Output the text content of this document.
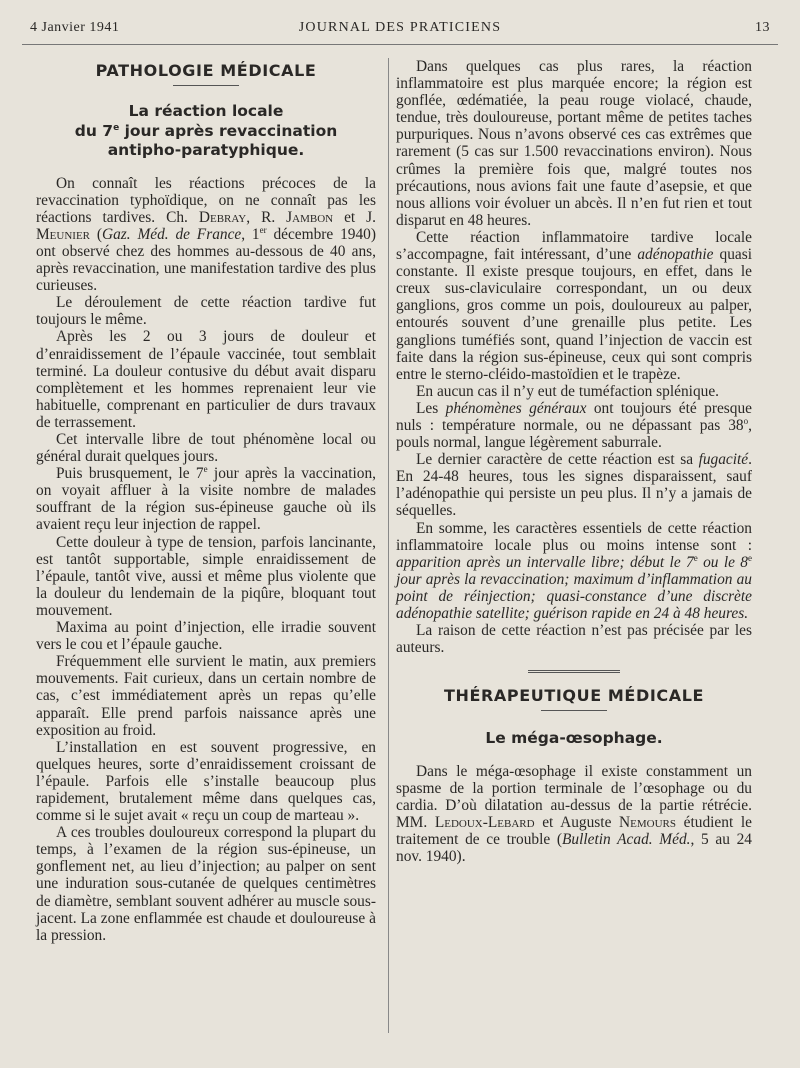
4 Janvier 1941	JOURNAL DES PRATICIENS	13
PATHOLOGIE MÉDICALE
La réaction locale
du 7e jour après revaccination
antipho-paratyphique.

On connaît les réactions précoces de la revaccination typhoïdique, on ne connaît pas les réactions tardives. Ch. Debray, R. Jambon et J. Meunier (Gaz. Méd. de France, 1er décembre 1940) ont observé chez des hommes au-dessous de 40 ans, après revaccination, une manifestation tardive des plus curieuses.

Le déroulement de cette réaction tardive fut toujours le même.

Après les 2 ou 3 jours de douleur et d’enraidissement de l’épaule vaccinée, tout semblait terminé. La douleur contusive du début avait disparu complètement et les hommes reprenaient leur vie habituelle, comprenant en particulier de durs travaux de terrassement.

Cet intervalle libre de tout phénomène local ou général durait quelques jours.

Puis brusquement, le 7e jour après la vaccination, on voyait affluer à la visite nombre de malades souffrant de la région sus-épineuse gauche où ils avaient reçu leur injection de rappel.

Cette douleur à type de tension, parfois lancinante, est tantôt supportable, simple enraidissement de l’épaule, tantôt vive, aussi et même plus violente que la douleur du lendemain de la piqûre, bloquant tout mouvement.

Maxima au point d’injection, elle irradie souvent vers le cou et l’épaule gauche.

Fréquemment elle survient le matin, aux premiers mouvements. Fait curieux, dans un certain nombre de cas, c’est immédiatement après un repas qu’elle apparaît. Elle prend parfois naissance après une exposition au froid.

L’installation en est souvent progressive, en quelques heures, sorte d’enraidissement croissant de l’épaule. Parfois elle s’installe beaucoup plus rapidement, brutalement même dans quelques cas, comme si le sujet avait « reçu un coup de marteau ».

A ces troubles douloureux correspond la plupart du temps, à l’examen de la région sus-épineuse, un gonflement net, au lieu d’injection; au palper on sent une induration sous-cutanée de quelques centimètres de diamètre, semblant souvent adhérer au muscle sous-jacent. La zone enflammée est chaude et douloureuse à la pression.

Dans quelques cas plus rares, la réaction inflammatoire est plus marquée encore; la région est gonflée, œdématiée, la peau rouge violacé, chaude, tendue, très douloureuse, portant même de petites taches purpuriques. Nous n’avons observé ces cas extrêmes que rarement (5 cas sur 1.500 revaccinations environ). Nous crûmes la première fois que, malgré toutes nos précautions, nous avions fait une faute d’asepsie, et que nous allions voir évoluer un abcès. Il n’en fut rien et tout disparut en 48 heures.

Cette réaction inflammatoire tardive locale s’accompagne, fait intéressant, d’une adénopathie quasi constante. Il existe presque toujours, en effet, dans le creux sus-claviculaire correspondant, un ou deux ganglions, gros comme un pois, douloureux au palper, entourés souvent d’une grenaille plus petite. Les ganglions tuméfiés sont, quand l’injection de vaccin est faite dans la région sus-épineuse, ceux qui sont compris entre le sterno-cléido-mastoïdien et le trapèze.

En aucun cas il n’y eut de tuméfaction splénique.

Les phénomènes généraux ont toujours été presque nuls : température normale, ou ne dépassant pas 38$^o$, pouls normal, langue légèrement saburrale.

Le dernier caractère de cette réaction est sa fugacité. En 24-48 heures, tous les signes disparaissent, sauf l’adénopathie qui persiste un peu plus. Il n’y a jamais de séquelles.

En somme, les caractères essentiels de cette réaction inflammatoire locale plus ou moins intense sont : apparition après un intervalle libre; début le 7e ou le 8e jour après la revaccination; maximum d’inflammation au point de réinjection; quasi-constance d’une discrète adénopathie satellite; guérison rapide en 24 à 48 heures.

La raison de cette réaction n’est pas précisée par les auteurs.

THÉRAPEUTIQUE MÉDICALE
Le méga-œsophage.

Dans le méga-œsophage il existe constamment un spasme de la portion terminale de l’œsophage ou du cardia. D’où dilatation au-dessus de la partie rétrécie. MM. Ledoux-Lebard et Auguste Nemours étudient le traitement de ce trouble (Bulletin Acad. Méd., 5 au 24 nov. 1940).
